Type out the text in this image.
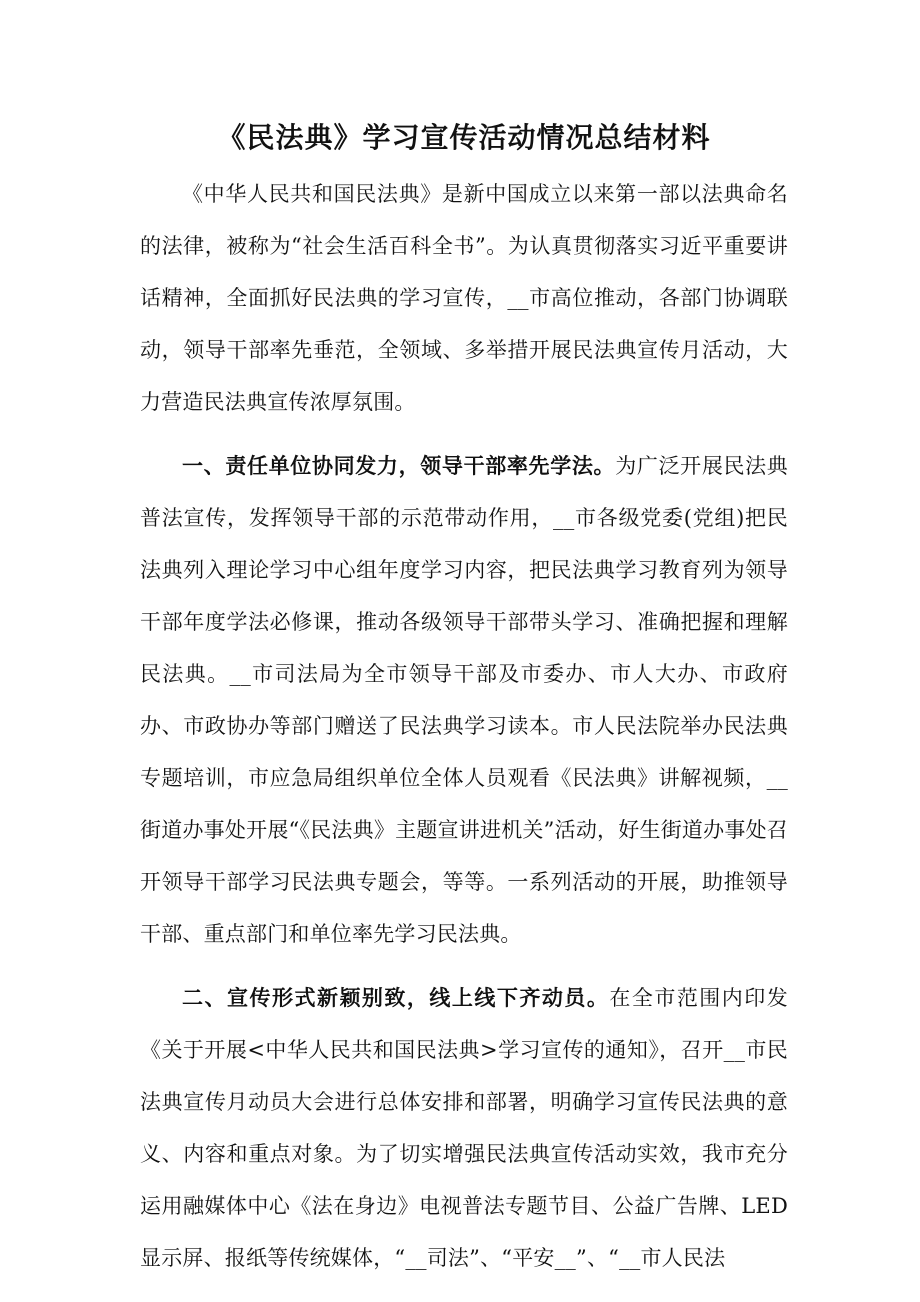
《民法典》学习宣传活动情况总结材料

《中华人民共和国民法典》是新中国成立以来第一部以法典命名的法律，被称为“社会生活百科全书”。为认真贯彻落实习近平重要讲话精神，全面抓好民法典的学习宣传，__市高位推动，各部门协调联动，领导干部率先垂范，全领域、多举措开展民法典宣传月活动，大力营造民法典宣传浓厚氛围。

一、责任单位协同发力，领导干部率先学法。为广泛开展民法典普法宣传，发挥领导干部的示范带动作用，__市各级党委(党组)把民法典列入理论学习中心组年度学习内容，把民法典学习教育列为领导干部年度学法必修课，推动各级领导干部带头学习、准确把握和理解民法典。__市司法局为全市领导干部及市委办、市人大办、市政府办、市政协办等部门赠送了民法典学习读本。市人民法院举办民法典专题培训，市应急局组织单位全体人员观看《民法典》讲解视频，__街道办事处开展“《民法典》主题宣讲进机关”活动，好生街道办事处召开领导干部学习民法典专题会，等等。一系列活动的开展，助推领导干部、重点部门和单位率先学习民法典。

二、宣传形式新颖别致，线上线下齐动员。在全市范围内印发《关于开展<中华人民共和国民法典>学习宣传的通知》，召开__市民法典宣传月动员大会进行总体安排和部署，明确学习宣传民法典的意义、内容和重点对象。为了切实增强民法典宣传活动实效，我市充分运用融媒体中心《法在身边》电视普法专题节目、公益广告牌、LED显示屏、报纸等传统媒体，“__司法”、“平安__”、“__市人民法
